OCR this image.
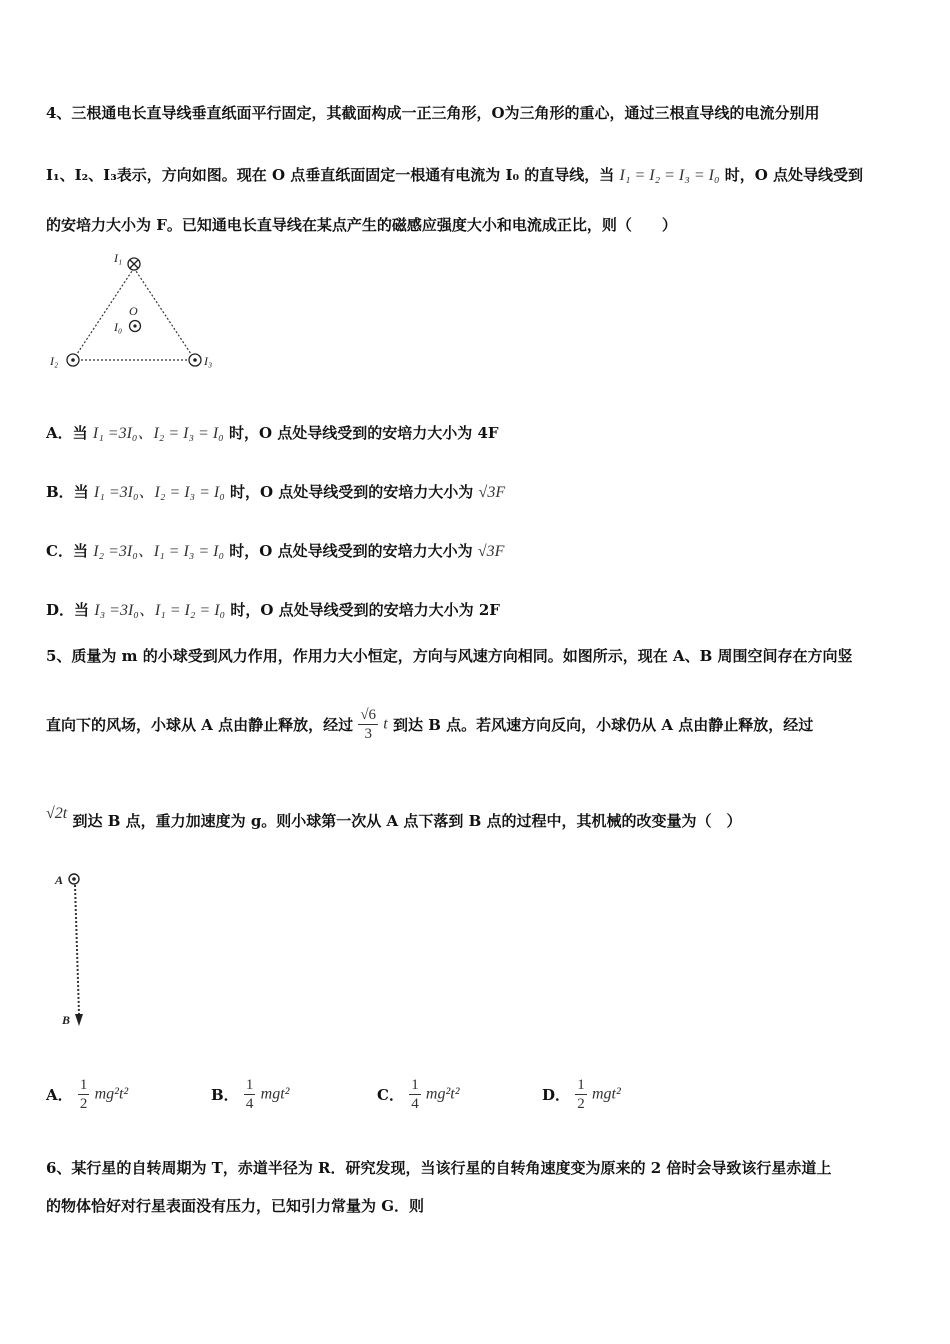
4、三根通电长直导线垂直纸面平行固定，其截面构成一正三角形，O为三角形的重心，通过三根直导线的电流分别用
I₁、I₂、I₃表示，方向如图。现在 O 点垂直纸面固定一根通有电流为 I₀ 的直导线，当 I₁ = I₂ = I₃ = I₀ 时，O 点处导线受到
的安培力大小为 F。已知通电长直导线在某点产生的磁感应强度大小和电流成正比，则（　　）
I₁
I₂	I₃
O
I₀
A．当 I₁ =3I₀、I₂ = I₃ = I₀ 时，O 点处导线受到的安培力大小为 4F
B．当 I₁ =3I₀、I₂ = I₃ = I₀ 时，O 点处导线受到的安培力大小为 √3F
C．当 I₂ =3I₀、I₁ = I₃ = I₀ 时，O 点处导线受到的安培力大小为 √3F
D．当 I₃ =3I₀、I₁ = I₂ = I₀ 时，O 点处导线受到的安培力大小为 2F
5、质量为 m 的小球受到风力作用，作用力大小恒定，方向与风速方向相同。如图所示，现在 A、B 周围空间存在方向竖
直向下的风场，小球从 A 点由静止释放，经过 $\frac{√6}{3}$ t 到达 B 点。若风速方向反向，小球仍从 A 点由静止释放，经过
√2t 到达 B 点，重力加速度为 g。则小球第一次从 A 点下落到 B 点的过程中，其机械的改变量为（　）
A
B
A． $\frac{1}{2} mg^2t^2$	B． $\frac{1}{4} mgt^2$	C． $\frac{1}{4} mg^2t^2$	D． $\frac{1}{2} mgt^2$
6、某行星的自转周期为 T，赤道半径为 R．研究发现，当该行星的自转角速度变为原来的 2 倍时会导致该行星赤道上
的物体恰好对行星表面没有压力，已知引力常量为 G．则
